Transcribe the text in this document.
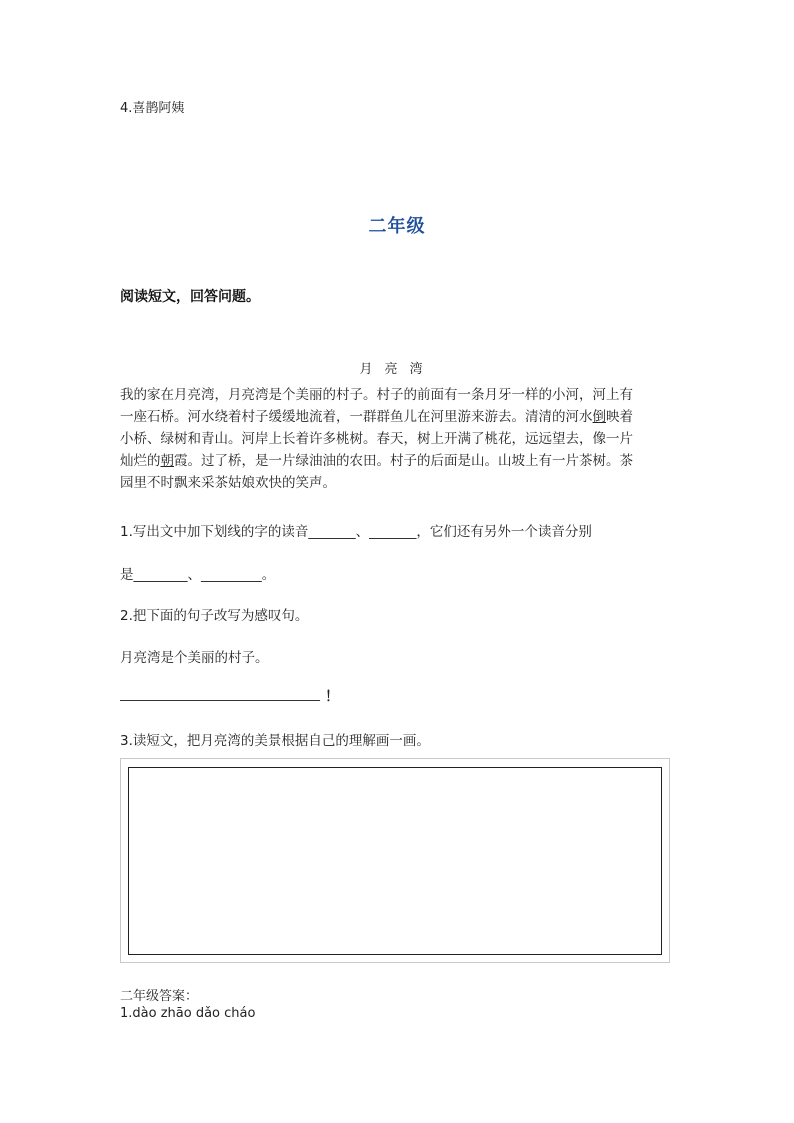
4.喜鹊阿姨
二年级
阅读短文，回答问题。
月亮湾
我的家在月亮湾，月亮湾是个美丽的村子。村子的前面有一条月牙一样的小河，河上有
一座石桥。河水绕着村子缓缓地流着，一群群鱼儿在河里游来游去。清清的河水倒映着
小桥、绿树和青山。河岸上长着许多桃树。春天，树上开满了桃花，远远望去，像一片
灿烂的朝霞。过了桥，是一片绿油油的农田。村子的后面是山。山坡上有一片茶树。茶
园里不时飘来采茶姑娘欢快的笑声。
1.写出文中加下划线的字的读音_______、_______，它们还有另外一个读音分别
是________、_________。
2.把下面的句子改写为感叹句。
月亮湾是个美丽的村子。
！
3.读短文，把月亮湾的美景根据自己的理解画一画。
二年级答案：
1.dào zhāo dǎo cháo
